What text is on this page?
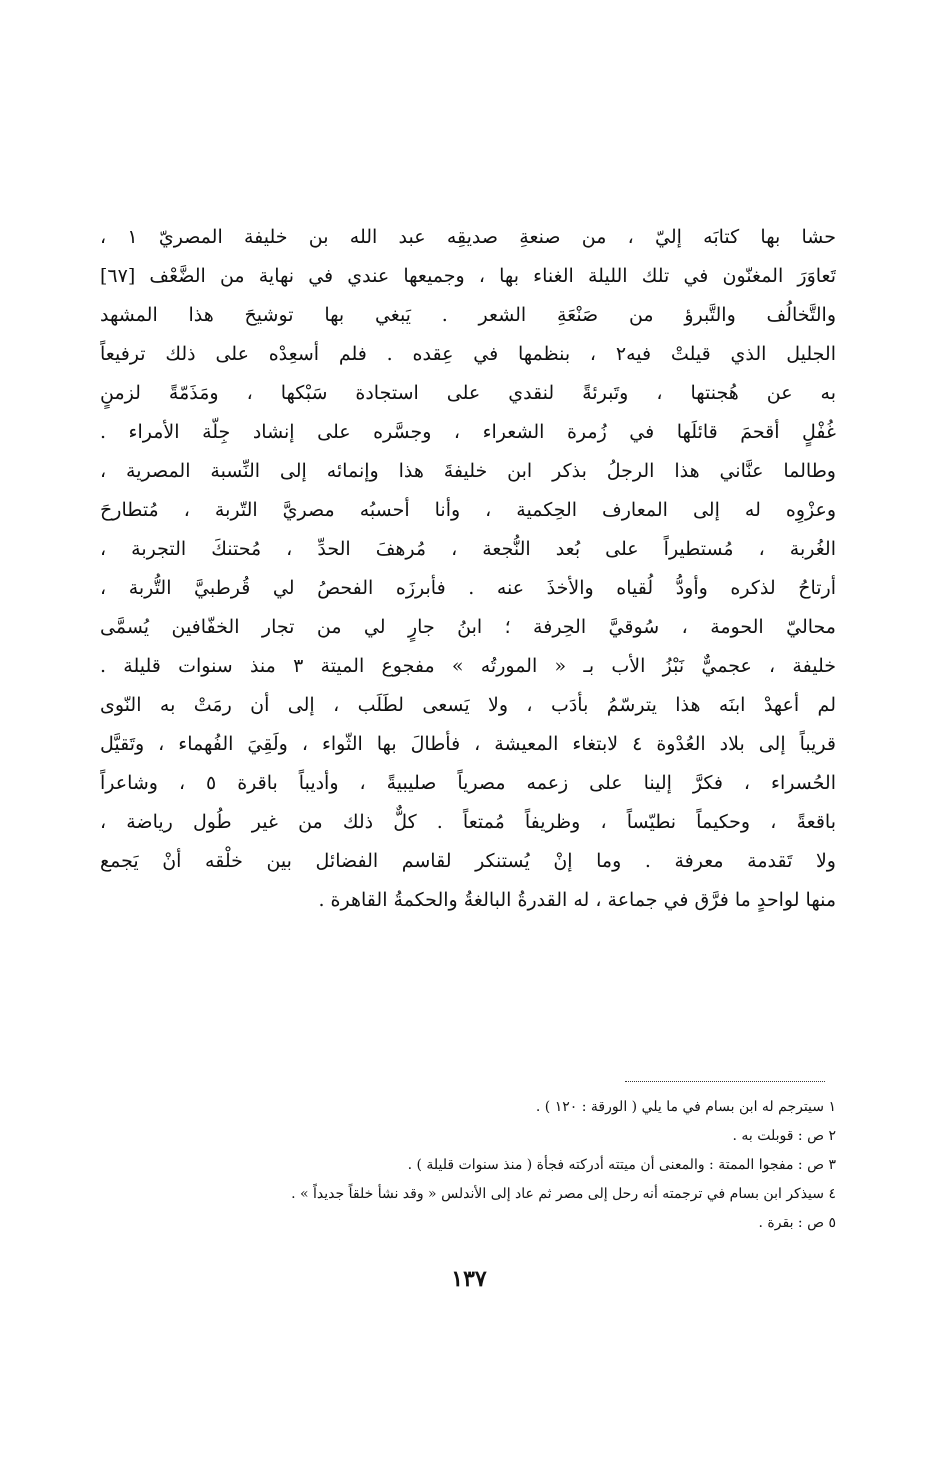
حشا بها كتابَه إليّ ، من صنعةِ صديقِه عبد الله بن خليفة المصريّ ١ ،
تَعاوَرَ المغنّون في تلك الليلة الغناء بها ، وجميعها عندي في نهاية من الضَّعْف [٦٧]
والتَّخالُف والتَّبرؤ من صَنْعَةِ الشعر . يَبغي بها توشيحَ هذا المشهد
الجليل الذي قيلتْ فيه٢ ، بنظمها في عِقده . فلم أسعِدْه على ذلك ترفيعاً
به عن هُجنتها ، وتَبرئةً لنقدي على استجادة سَبْكها ، ومَذَمّةً لزمنٍ
غُفْلٍ أقحمَ قائلَها في زُمرة الشعراء ، وجسَّره على إنشاد جِلّة الأمراء .
وطالما عنَّاني هذا الرجلُ بذكر ابن خليفةَ هذا وإنمائه إلى النِّسبة المصرية ،
وعزْوِه له إلى المعارف الحِكمية ، وأنا أحسبُه مصريَّ التّربة ، مُتطارحَ
الغُربة ، مُستطيراً على بُعد النُّجعة ، مُرهفَ الحدِّ ، مُحتنكَ التجربة ،
أرتاحُ لذكره وأودُّ لُقياه والأخذَ عنه . فأبرزَه الفحصُ لي قُرطبيَّ التُّربة ،
محاليّ الحومة ، سُوقيَّ الحِرفة ؛ ابنُ جارٍ لي من تجار الخفّافين يُسمَّى
خليفة ، عجميٌّ نَبْزُ الأب بـ « المورتُه » مفجوع الميتة ٣ منذ سنوات قليلة .
لم أعهدْ ابنَه هذا يترسّمُ بأدَب ، ولا يَسعى لطَلَب ، إلى أن رمَتْ به النّوى
قريباً إلى بلاد العُدْوة ٤ لابتغاء المعيشة ، فأطالَ بها الثّواء ، ولَقِيَ الفُهماء ، وتَقيَّل
الحُسراء ، فكرَّ إلينا على زعمه مصرياً صليبيةً ، وأديباً باقرة ٥ ، وشاعراً
باقعةً ، وحكيماً نطيّساً ، وظريفاً مُمتعاً . كلٌّ ذلك من غير طُول رياضة ،
ولا تَقدمة معرفة . وما إنْ يُستنكر لقاسم الفضائل بين خلْقه أنْ يَجمع
منها لواحدٍ ما فرَّق في جماعة ، له القدرةُ البالغةُ والحكمةُ القاهرة .
١ سيترجم له ابن بسام في ما يلي ( الورقة : ١٢٠ ) .
٢ ص : قوبلت به .
٣ ص : مفجوا الممتة : والمعنى أن ميتته أدركته فجأة ( منذ سنوات قليلة ) .
٤ سيذكر ابن بسام في ترجمته أنه رحل إلى مصر ثم عاد إلى الأندلس « وقد نشأ خلقاً جديداً » .
٥ ص : بقرة .
١٣٧
